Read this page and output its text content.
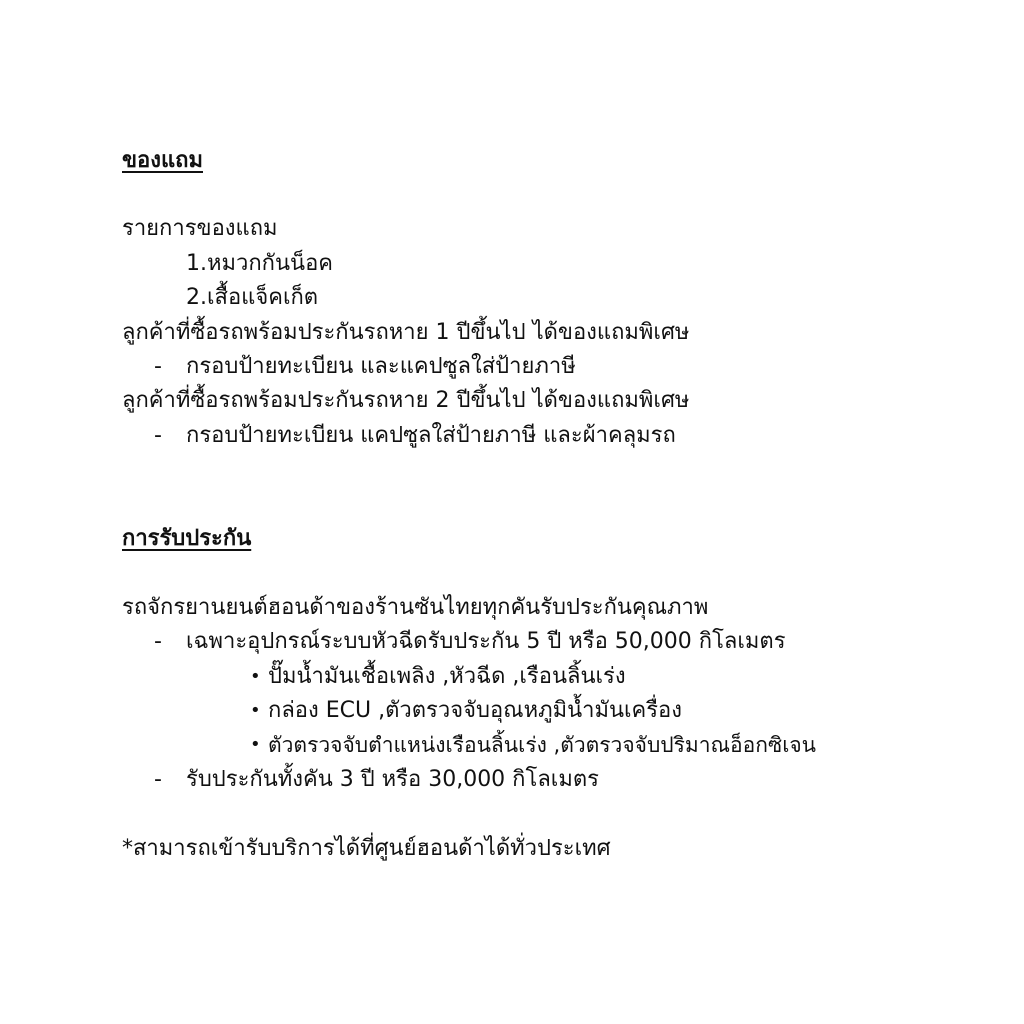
ของแถม
รายการของแถม
1.หมวกกันน็อค
2.เสื้อแจ็คเก็ต
ลูกค้าที่ซื้อรถพร้อมประกันรถหาย 1 ปีขึ้นไป ได้ของแถมพิเศษ
- กรอบป้ายทะเบียน และแคปซูลใส่ป้ายภาษี
ลูกค้าที่ซื้อรถพร้อมประกันรถหาย 2 ปีขึ้นไป ได้ของแถมพิเศษ
- กรอบป้ายทะเบียน แคปซูลใส่ป้ายภาษี และผ้าคลุมรถ
การรับประกัน
รถจักรยานยนต์ฮอนด้าของร้านซันไทยทุกคันรับประกันคุณภาพ
- เฉพาะอุปกรณ์ระบบหัวฉีดรับประกัน 5 ปี หรือ 50,000 กิโลเมตร
• ปั๊มน้ำมันเชื้อเพลิง ,หัวฉีด ,เรือนลิ้นเร่ง
• กล่อง ECU ,ตัวตรวจจับอุณหภูมิน้ำมันเครื่อง
• ตัวตรวจจับตำแหน่งเรือนลิ้นเร่ง ,ตัวตรวจจับปริมาณอ็อกซิเจน
- รับประกันทั้งคัน 3 ปี หรือ 30,000 กิโลเมตร
*สามารถเข้ารับบริการได้ที่ศูนย์ฮอนด้าได้ทั่วประเทศ
